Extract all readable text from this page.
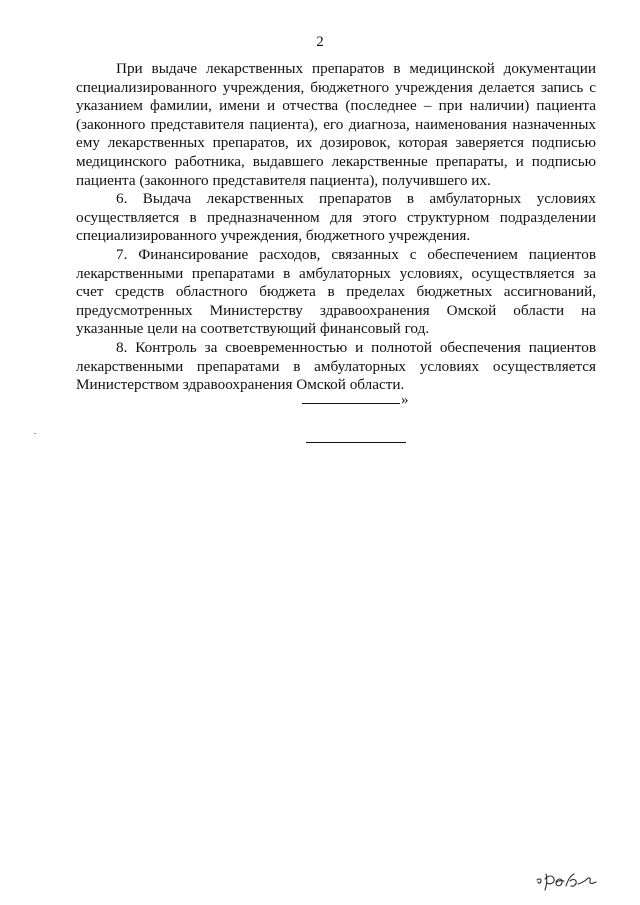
2

При выдаче лекарственных препаратов в медицинской документации специализированного учреждения, бюджетного учреждения делается запись с указанием фамилии, имени и отчества (последнее – при наличии) пациента (законного представителя пациента), его диагноза, наименования назначенных ему лекарственных препаратов, их дозировок, которая заверяется подписью медицинского работника, выдавшего лекарственные препараты, и подписью пациента (законного представителя пациента), получившего их.

6. Выдача лекарственных препаратов в амбулаторных условиях осуществляется в предназначенном для этого структурном подразделении специализированного учреждения, бюджетного учреждения.

7. Финансирование расходов, связанных с обеспечением пациентов лекарственными препаратами в амбулаторных условиях, осуществляется за счет средств областного бюджета в пределах бюджетных ассигнований, предусмотренных Министерству здравоохранения Омской области на указанные цели на соответствующий финансовый год.

8. Контроль за своевременностью и полнотой обеспечения пациентов лекарственными препаратами в амбулаторных условиях осуществляется Министерством здравоохранения Омской области.

»
